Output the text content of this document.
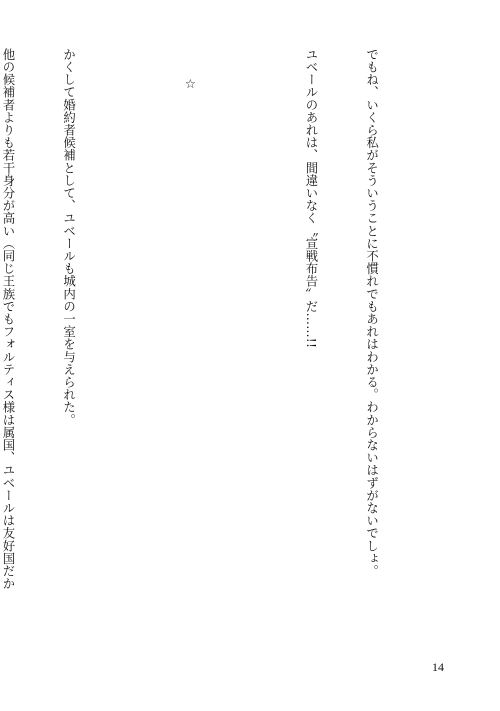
でもね、いくら私がそういうことに不慣れでもあれはわかる。わからないはずがないでしょ。

ユベールのあれは、間違いなく〝宣戦布告〟だ……!!

☆

かくして婚約者候補として、ユベールも城内の一室を与えられた。

他の候補者よりも若干身分が高い（同じ王族でもフォルティス様は属国、ユベールは友好国だか

14
